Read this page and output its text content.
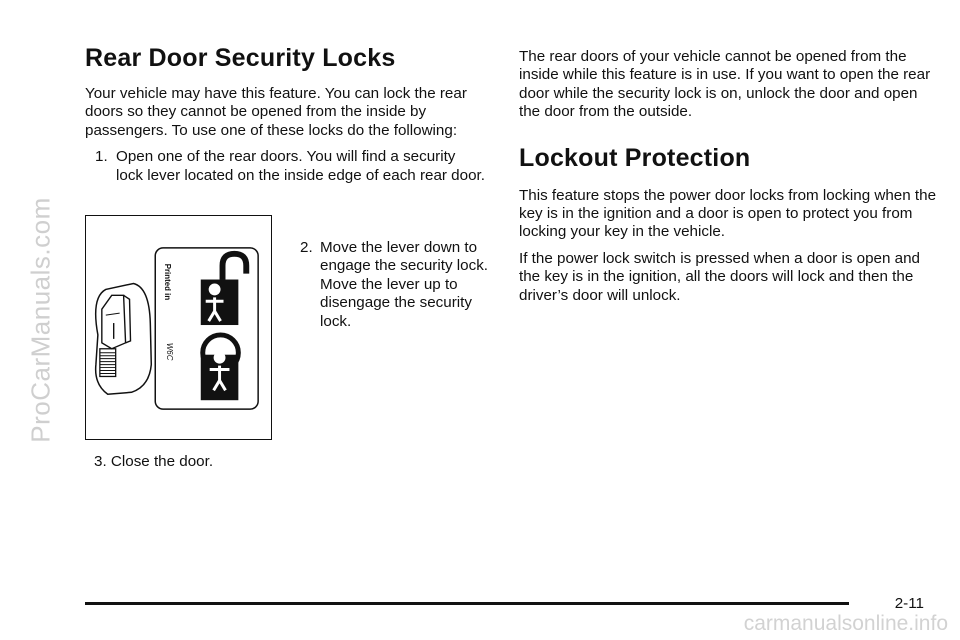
ProCarManuals.com
Rear Door Security Locks

Your vehicle may have this feature. You can lock the rear doors so they cannot be opened from the inside by passengers. To use one of these locks do the following:

1. Open one of the rear doors. You will find a security lock lever located on the inside edge of each rear door.
Printed in
W6C
2. Move the lever down to engage the security lock. Move the lever up to disengage the security lock.
3. Close the door.

The rear doors of your vehicle cannot be opened from the inside while this feature is in use. If you want to open the rear door while the security lock is on, unlock the door and open the door from the outside.

Lockout Protection

This feature stops the power door locks from locking when the key is in the ignition and a door is open to protect you from locking your key in the vehicle.

If the power lock switch is pressed when a door is open and the key is in the ignition, all the doors will lock and then the driver’s door will unlock.

2-11
carmanualsonline.info
